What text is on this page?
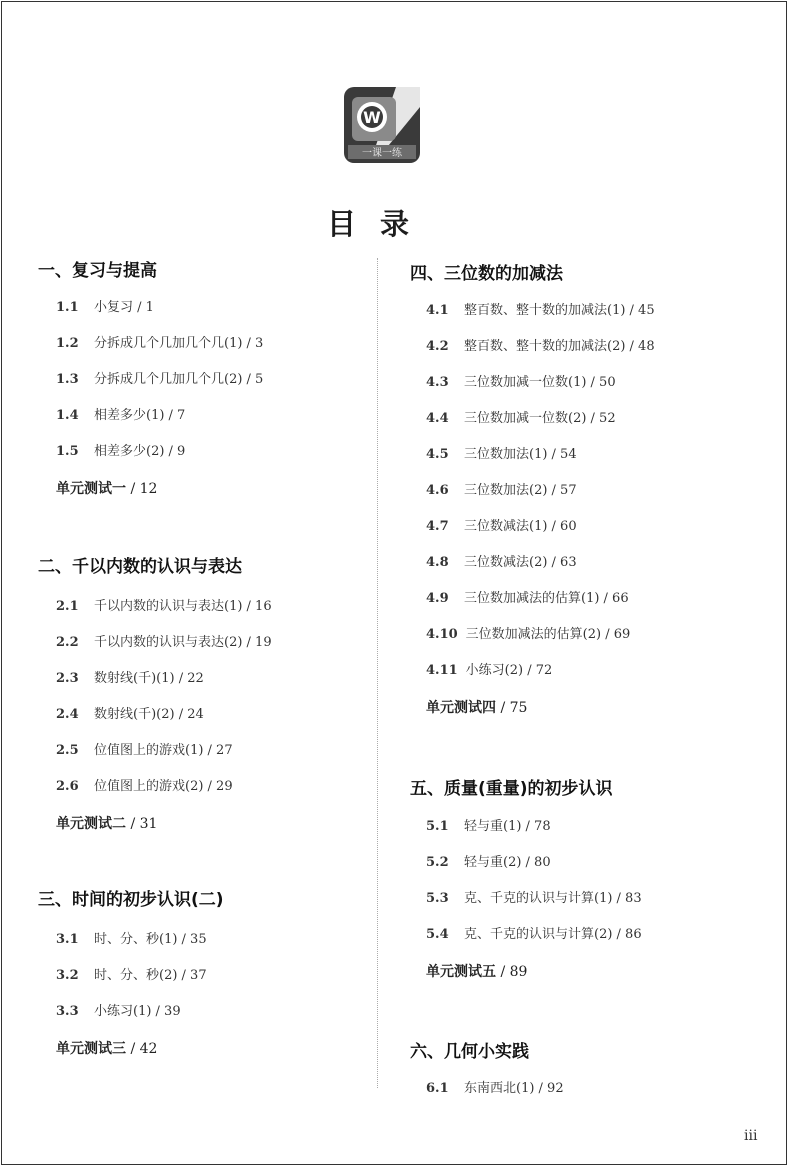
W
一课一练
目录
一、复习与提高
1.1 小复习 / 1
1.2 分拆成几个几加几个几(1) / 3
1.3 分拆成几个几加几个几(2) / 5
1.4 相差多少(1) / 7
1.5 相差多少(2) / 9
单元测试一 / 12
二、千以内数的认识与表达
2.1 千以内数的认识与表达(1) / 16
2.2 千以内数的认识与表达(2) / 19
2.3 数射线(千)(1) / 22
2.4 数射线(千)(2) / 24
2.5 位值图上的游戏(1) / 27
2.6 位值图上的游戏(2) / 29
单元测试二 / 31
三、时间的初步认识(二)
3.1 时、分、秒(1) / 35
3.2 时、分、秒(2) / 37
3.3 小练习(1) / 39
单元测试三 / 42
四、三位数的加减法
4.1 整百数、整十数的加减法(1) / 45
4.2 整百数、整十数的加减法(2) / 48
4.3 三位数加减一位数(1) / 50
4.4 三位数加减一位数(2) / 52
4.5 三位数加法(1) / 54
4.6 三位数加法(2) / 57
4.7 三位数减法(1) / 60
4.8 三位数减法(2) / 63
4.9 三位数加减法的估算(1) / 66
4.10 三位数加减法的估算(2) / 69
4.11 小练习(2) / 72
单元测试四 / 75
五、质量(重量)的初步认识
5.1 轻与重(1) / 78
5.2 轻与重(2) / 80
5.3 克、千克的认识与计算(1) / 83
5.4 克、千克的认识与计算(2) / 86
单元测试五 / 89
六、几何小实践
6.1 东南西北(1) / 92
iii
